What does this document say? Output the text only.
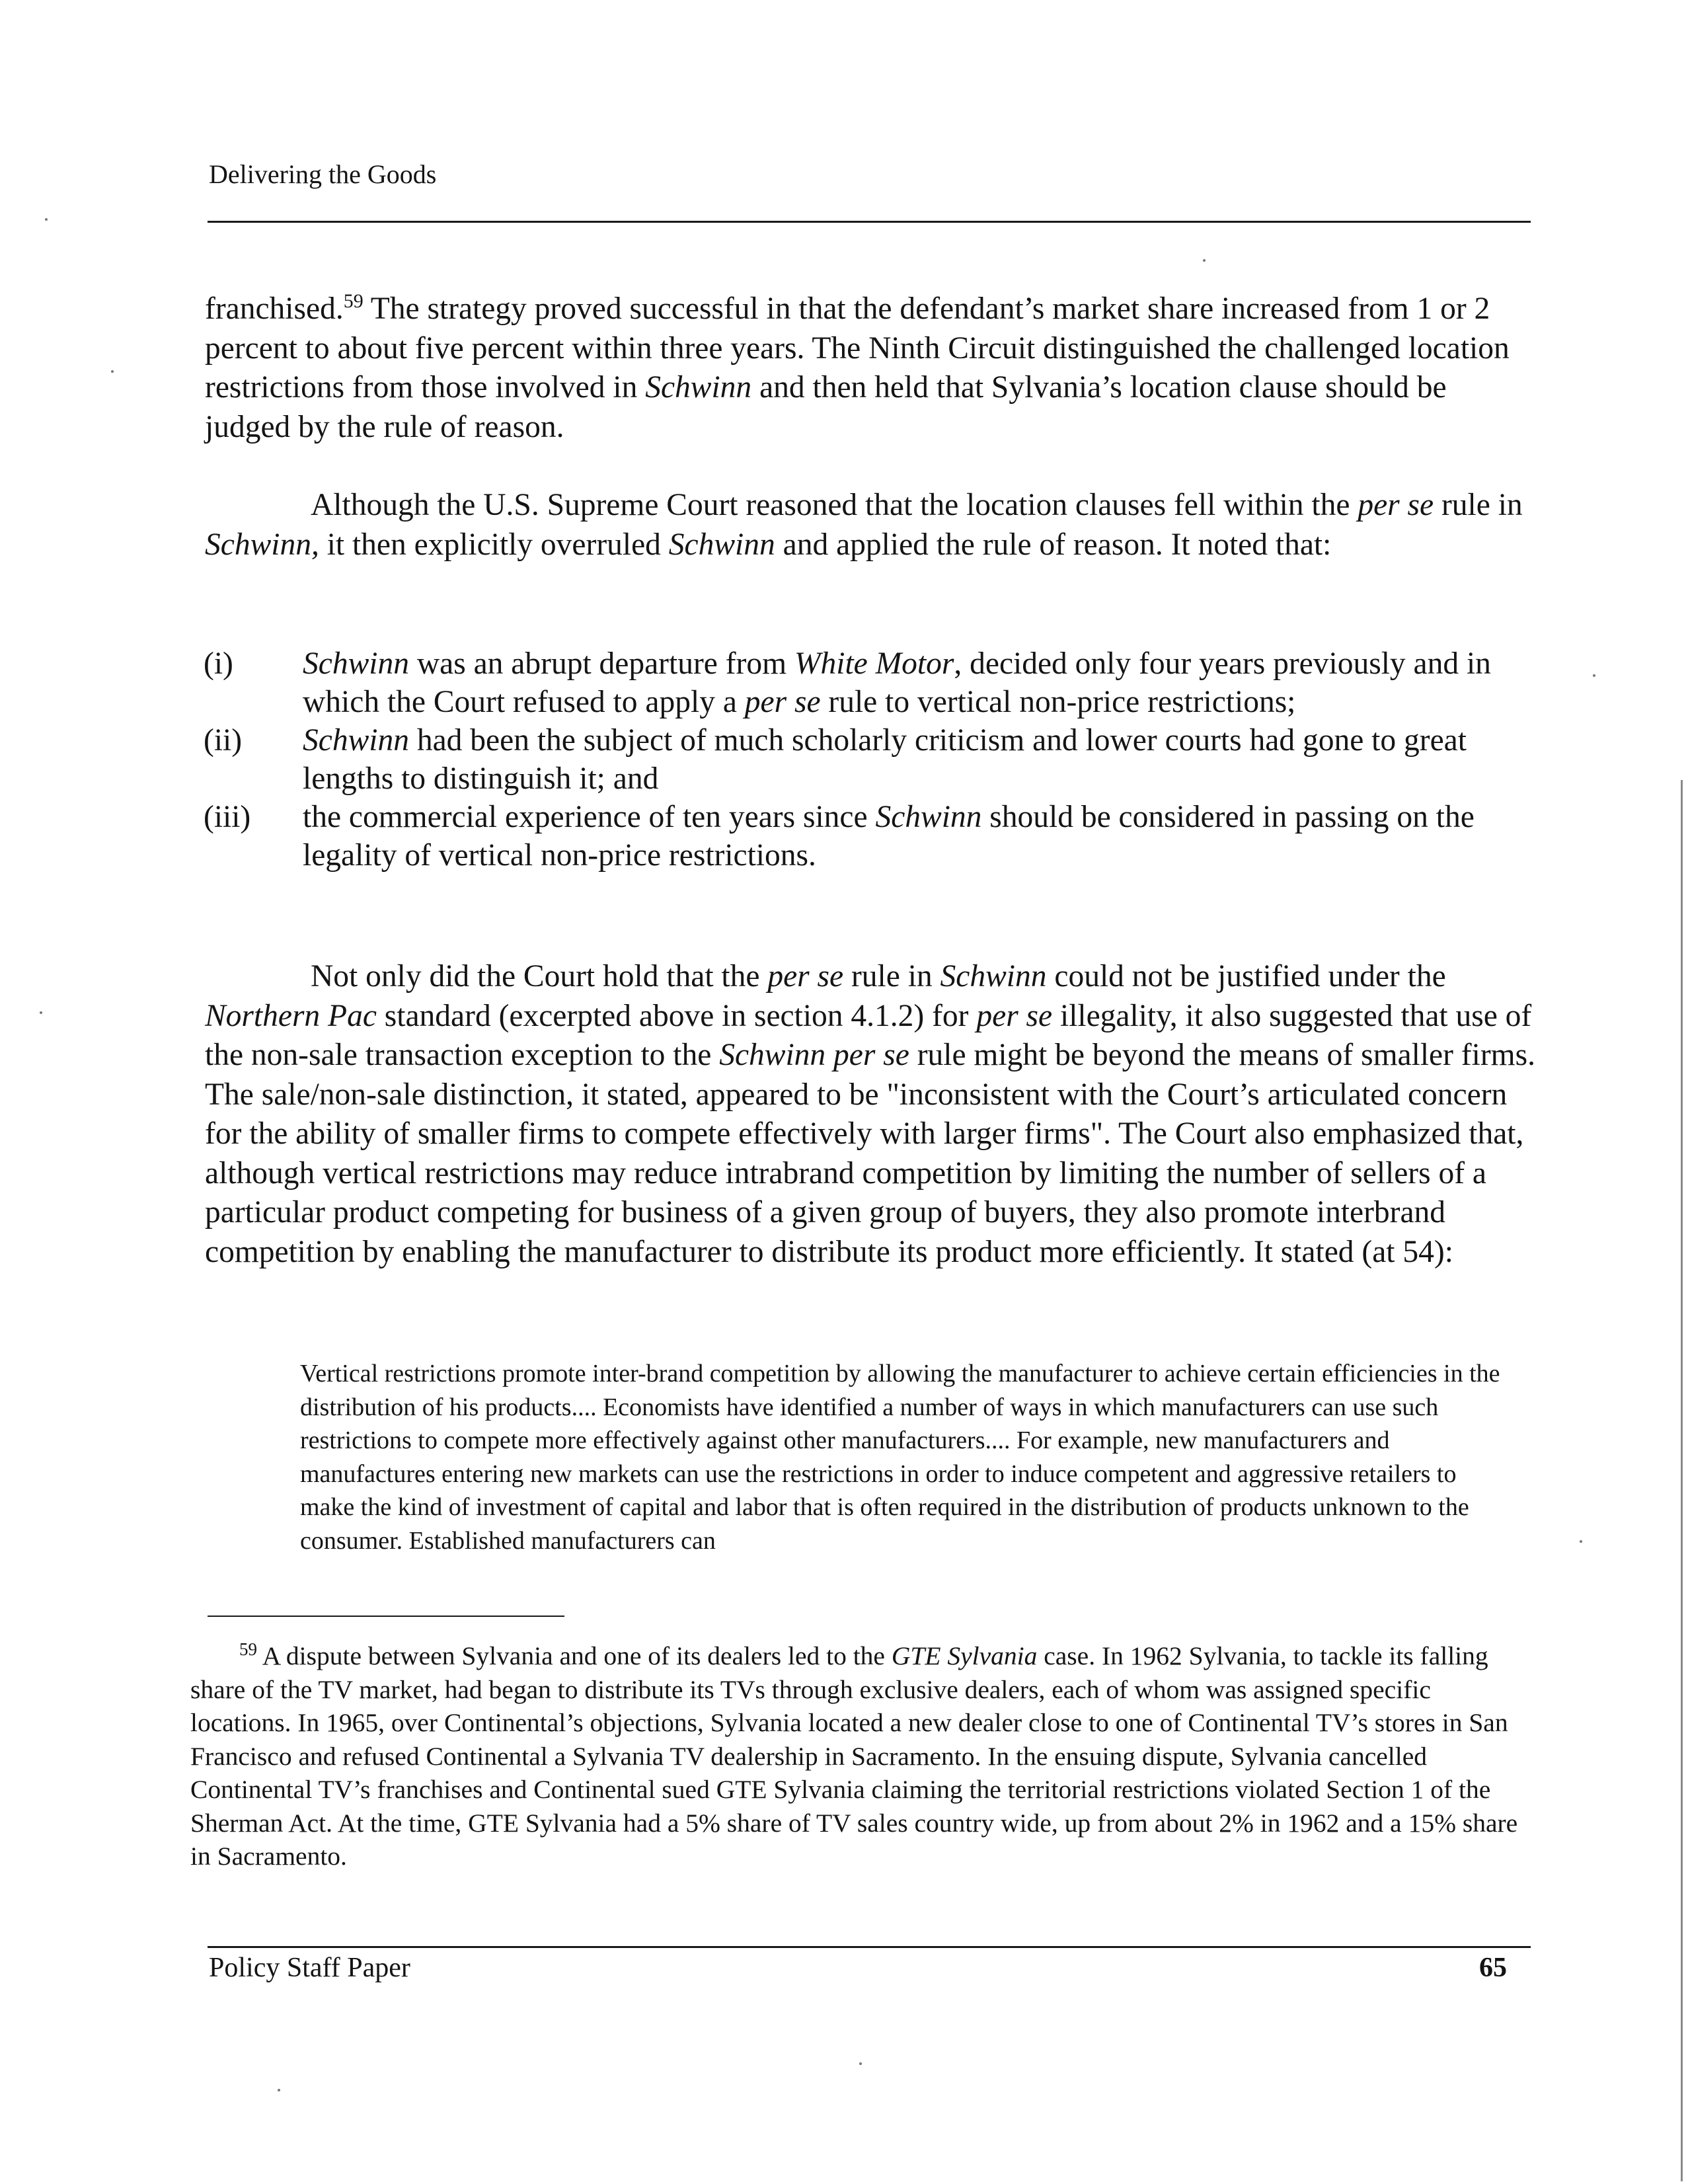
Delivering the Goods

franchised.$^{59}$ The strategy proved successful in that the defendant’s market share increased from 1 or 2 percent to about five percent within three years. The Ninth Circuit distinguished the challenged location restrictions from those involved in Schwinn and then held that Sylvania’s location clause should be judged by the rule of reason.

Although the U.S. Supreme Court reasoned that the location clauses fell within the per se rule in Schwinn, it then explicitly overruled Schwinn and applied the rule of reason. It noted that:

(i)	Schwinn was an abrupt departure from White Motor, decided only four years previously and in which the Court refused to apply a per se rule to vertical non-price restrictions;
(ii)	Schwinn had been the subject of much scholarly criticism and lower courts had gone to great lengths to distinguish it; and
(iii)	the commercial experience of ten years since Schwinn should be considered in passing on the legality of vertical non-price restrictions.

Not only did the Court hold that the per se rule in Schwinn could not be justified under the Northern Pac standard (excerpted above in section 4.1.2) for per se illegality, it also suggested that use of the non-sale transaction exception to the Schwinn per se rule might be beyond the means of smaller firms. The sale/non-sale distinction, it stated, appeared to be "inconsistent with the Court’s articulated concern for the ability of smaller firms to compete effectively with larger firms". The Court also emphasized that, although vertical restrictions may reduce intrabrand competition by limiting the number of sellers of a particular product competing for business of a given group of buyers, they also promote interbrand competition by enabling the manufacturer to distribute its product more efficiently. It stated (at 54):

Vertical restrictions promote inter-brand competition by allowing the manufacturer to achieve certain efficiencies in the distribution of his products.... Economists have identified a number of ways in which manufacturers can use such restrictions to compete more effectively against other manufacturers.... For example, new manufacturers and manufactures entering new markets can use the restrictions in order to induce competent and aggressive retailers to make the kind of investment of capital and labor that is often required in the distribution of products unknown to the consumer. Established manufacturers can

$^{59}$ A dispute between Sylvania and one of its dealers led to the GTE Sylvania case. In 1962 Sylvania, to tackle its falling share of the TV market, had began to distribute its TVs through exclusive dealers, each of whom was assigned specific locations. In 1965, over Continental’s objections, Sylvania located a new dealer close to one of Continental TV’s stores in San Francisco and refused Continental a Sylvania TV dealership in Sacramento. In the ensuing dispute, Sylvania cancelled Continental TV’s franchises and Continental sued GTE Sylvania claiming the territorial restrictions violated Section 1 of the Sherman Act. At the time, GTE Sylvania had a 5% share of TV sales country wide, up from about 2% in 1962 and a 15% share in Sacramento.

Policy Staff Paper	65
